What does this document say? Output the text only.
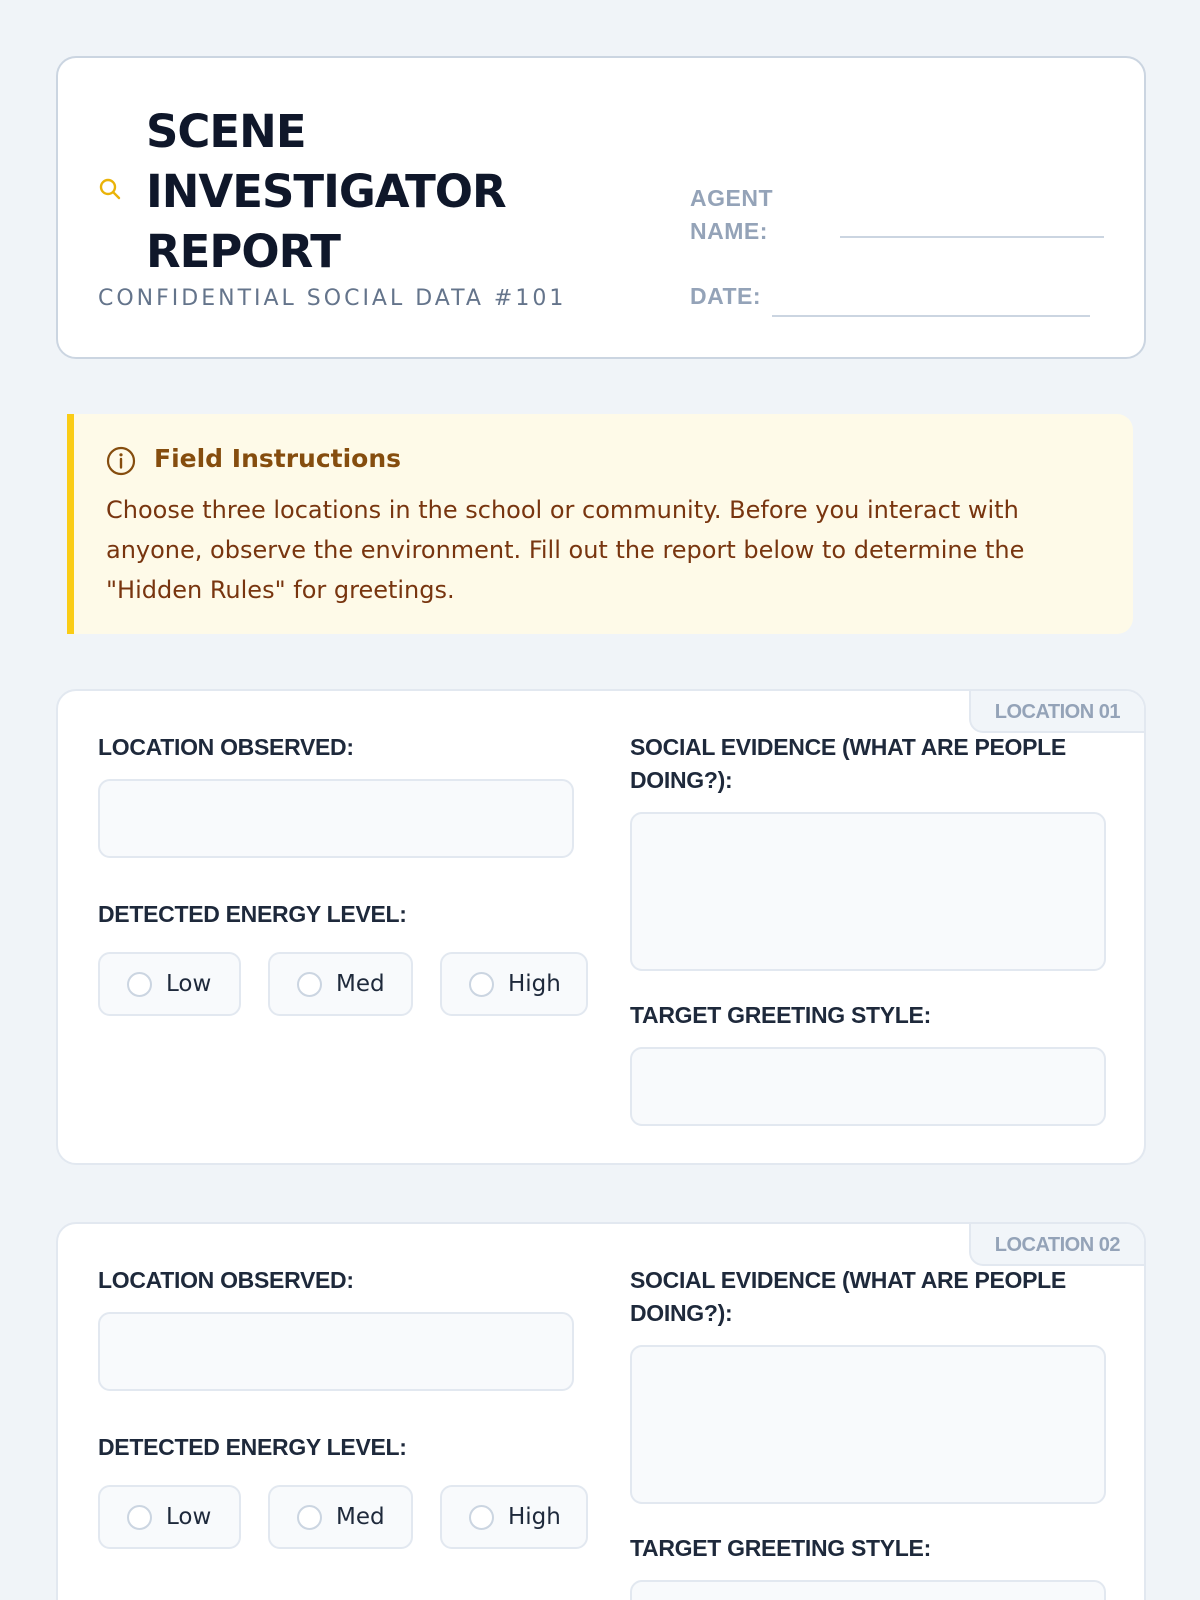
SCENE INVESTIGATOR REPORT
CONFIDENTIAL SOCIAL DATA #101
AGENT NAME:
DATE:
Field Instructions

Choose three locations in the school or community. Before you interact with anyone, observe the environment. Fill out the report below to determine the "Hidden Rules" for greetings.

LOCATION 01
LOCATION OBSERVED:
DETECTED ENERGY LEVEL:
Low	Med	High
SOCIAL EVIDENCE (WHAT ARE PEOPLE DOING?):
TARGET GREETING STYLE:
LOCATION 02
LOCATION OBSERVED:
DETECTED ENERGY LEVEL:
Low	Med	High
SOCIAL EVIDENCE (WHAT ARE PEOPLE DOING?):
TARGET GREETING STYLE:
